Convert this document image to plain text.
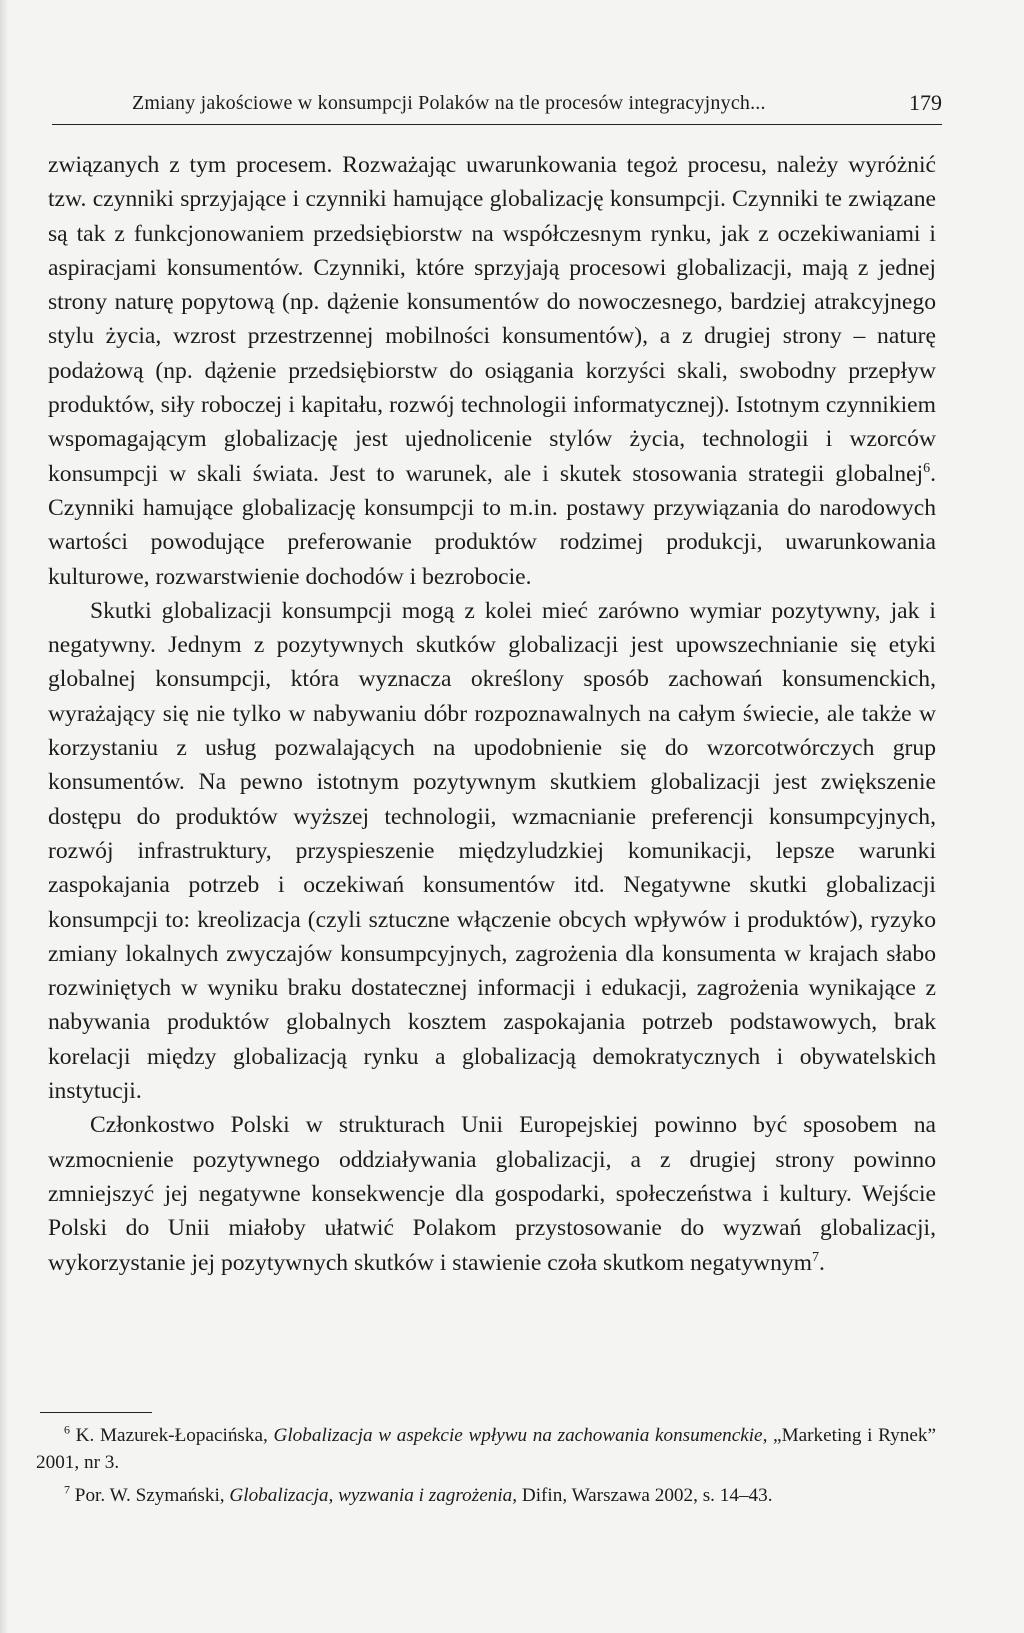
Zmiany jakościowe w konsumpcji Polaków na tle procesów integracyjnych...	179

związanych z tym procesem. Rozważając uwarunkowania tegoż procesu, należy wyróżnić tzw. czynniki sprzyjające i czynniki hamujące globalizację konsumpcji. Czynniki te związane są tak z funkcjonowaniem przedsiębiorstw na współczesnym rynku, jak z oczekiwaniami i aspiracjami konsumentów. Czynniki, które sprzyjają procesowi globalizacji, mają z jednej strony naturę popytową (np. dążenie konsumentów do nowoczesnego, bardziej atrakcyjnego stylu życia, wzrost przestrzennej mobilności konsumentów), a z drugiej strony – naturę podażową (np. dążenie przedsiębiorstw do osiągania korzyści skali, swobodny przepływ produktów, siły roboczej i kapitału, rozwój technologii informatycznej). Istotnym czynnikiem wspomagającym globalizację jest ujednolicenie stylów życia, technologii i wzorców konsumpcji w skali świata. Jest to warunek, ale i skutek stosowania strategii globalnej$^6$. Czynniki hamujące globalizację konsumpcji to m.in. postawy przywiązania do narodowych wartości powodujące preferowanie produktów rodzimej produkcji, uwarunkowania kulturowe, rozwarstwienie dochodów i bezrobocie.

Skutki globalizacji konsumpcji mogą z kolei mieć zarówno wymiar pozytywny, jak i negatywny. Jednym z pozytywnych skutków globalizacji jest upowszechnianie się etyki globalnej konsumpcji, która wyznacza określony sposób zachowań konsumenckich, wyrażający się nie tylko w nabywaniu dóbr rozpoznawalnych na całym świecie, ale także w korzystaniu z usług pozwalających na upodobnienie się do wzorcotwórczych grup konsumentów. Na pewno istotnym pozytywnym skutkiem globalizacji jest zwiększenie dostępu do produktów wyższej technologii, wzmacnianie preferencji konsumpcyjnych, rozwój infrastruktury, przyspieszenie międzyludzkiej komunikacji, lepsze warunki zaspokajania potrzeb i oczekiwań konsumentów itd. Negatywne skutki globalizacji konsumpcji to: kreolizacja (czyli sztuczne włączenie obcych wpływów i produktów), ryzyko zmiany lokalnych zwyczajów konsumpcyjnych, zagrożenia dla konsumenta w krajach słabo rozwiniętych w wyniku braku dostatecznej informacji i edukacji, zagrożenia wynikające z nabywania produktów globalnych kosztem zaspokajania potrzeb podstawowych, brak korelacji między globalizacją rynku a globalizacją demokratycznych i obywatelskich instytucji.

Członkostwo Polski w strukturach Unii Europejskiej powinno być sposobem na wzmocnienie pozytywnego oddziaływania globalizacji, a z drugiej strony powinno zmniejszyć jej negatywne konsekwencje dla gospodarki, społeczeństwa i kultury. Wejście Polski do Unii miałoby ułatwić Polakom przystosowanie do wyzwań globalizacji, wykorzystanie jej pozytywnych skutków i stawienie czoła skutkom negatywnym$^7$.

$^6$ K. Mazurek-Łopacińska, Globalizacja w aspekcie wpływu na zachowania konsumenckie, „Marketing i Rynek” 2001, nr 3.

$^7$ Por. W. Szymański, Globalizacja, wyzwania i zagrożenia, Difin, Warszawa 2002, s. 14–43.
